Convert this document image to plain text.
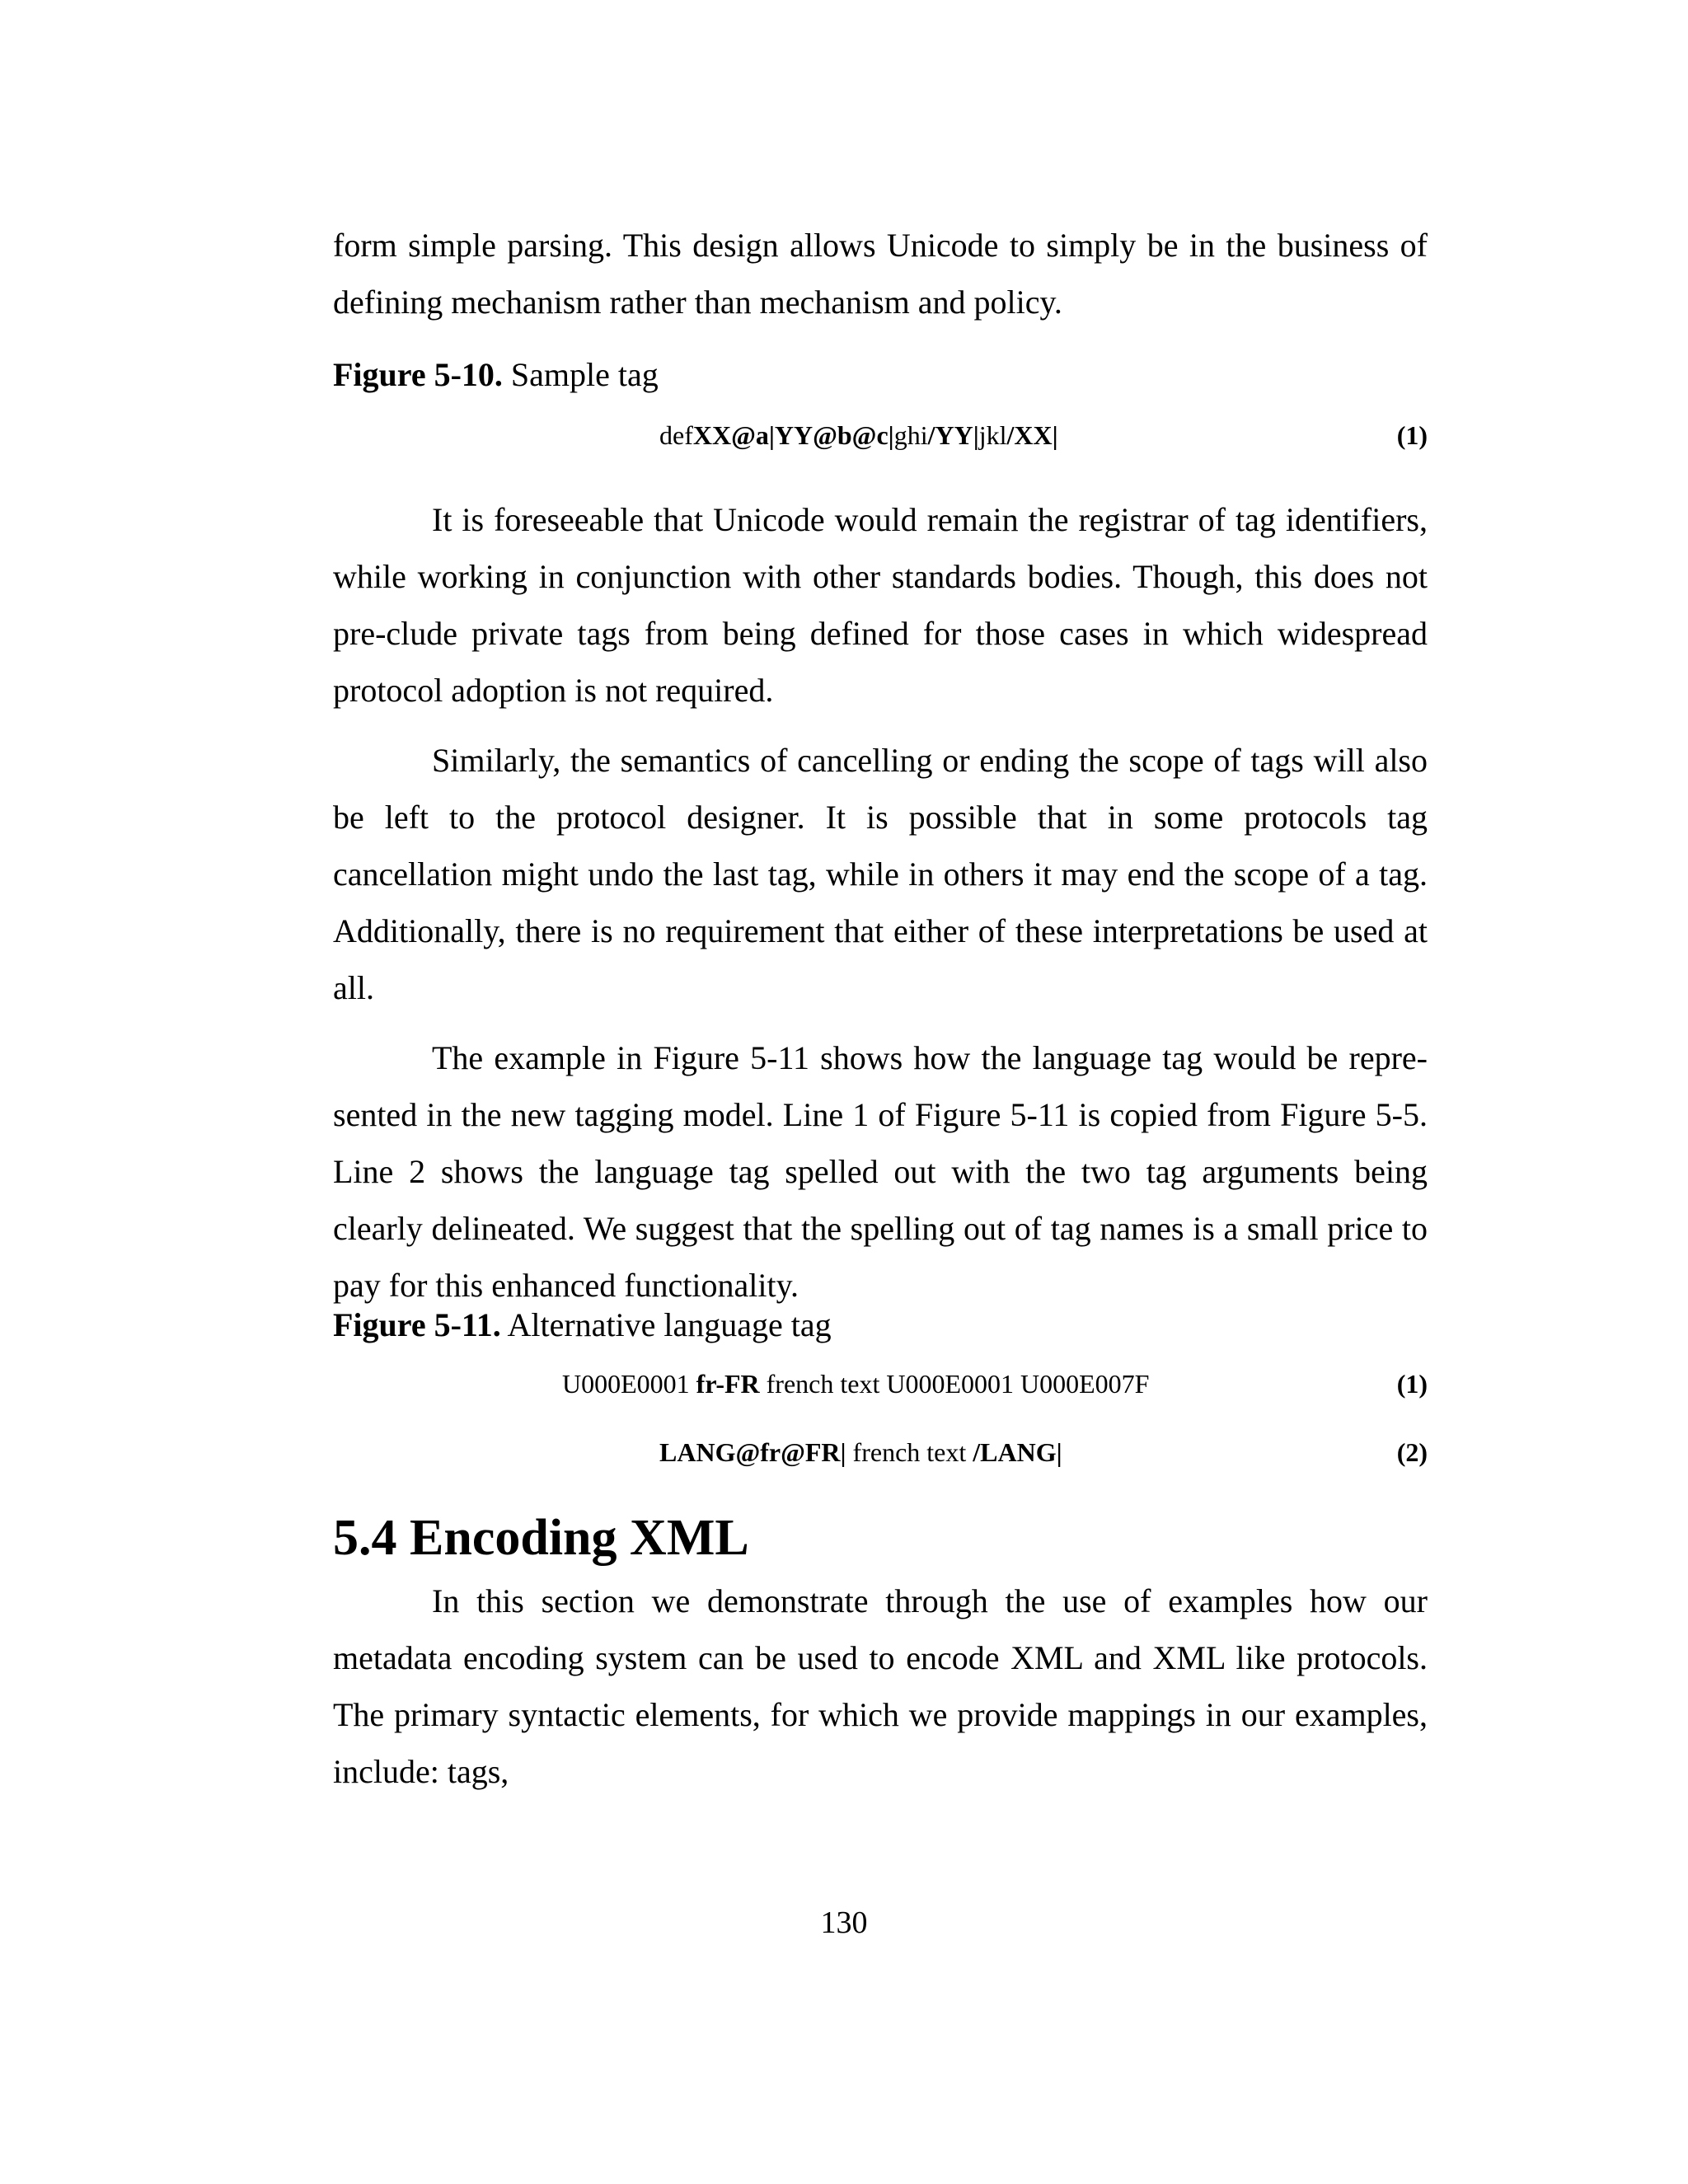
form simple parsing. This design allows Unicode to simply be in the business of defining mechanism rather than mechanism and policy.

Figure 5-10. Sample tag

defXX@a|YY@b@c|ghi/YY|jkl/XX|	(1)

It is foreseeable that Unicode would remain the registrar of tag identifiers, while working in conjunction with other standards bodies. Though, this does not pre-clude private tags from being defined for those cases in which widespread protocol adoption is not required.

Similarly, the semantics of cancelling or ending the scope of tags will also be left to the protocol designer. It is possible that in some protocols tag cancellation might undo the last tag, while in others it may end the scope of a tag. Additionally, there is no requirement that either of these interpretations be used at all.

The example in Figure 5-11 shows how the language tag would be repre-sented in the new tagging model. Line 1 of Figure 5-11 is copied from Figure 5-5. Line 2 shows the language tag spelled out with the two tag arguments being clearly delineated. We suggest that the spelling out of tag names is a small price to pay for this enhanced functionality.

Figure 5-11. Alternative language tag

U000E0001 fr-FR french text U000E0001 U000E007F	(1)
LANG@fr@FR| french text /LANG|	(2)
5.4 Encoding XML

In this section we demonstrate through the use of examples how our metadata encoding system can be used to encode XML and XML like protocols. The primary syntactic elements, for which we provide mappings in our examples, include: tags,

130
